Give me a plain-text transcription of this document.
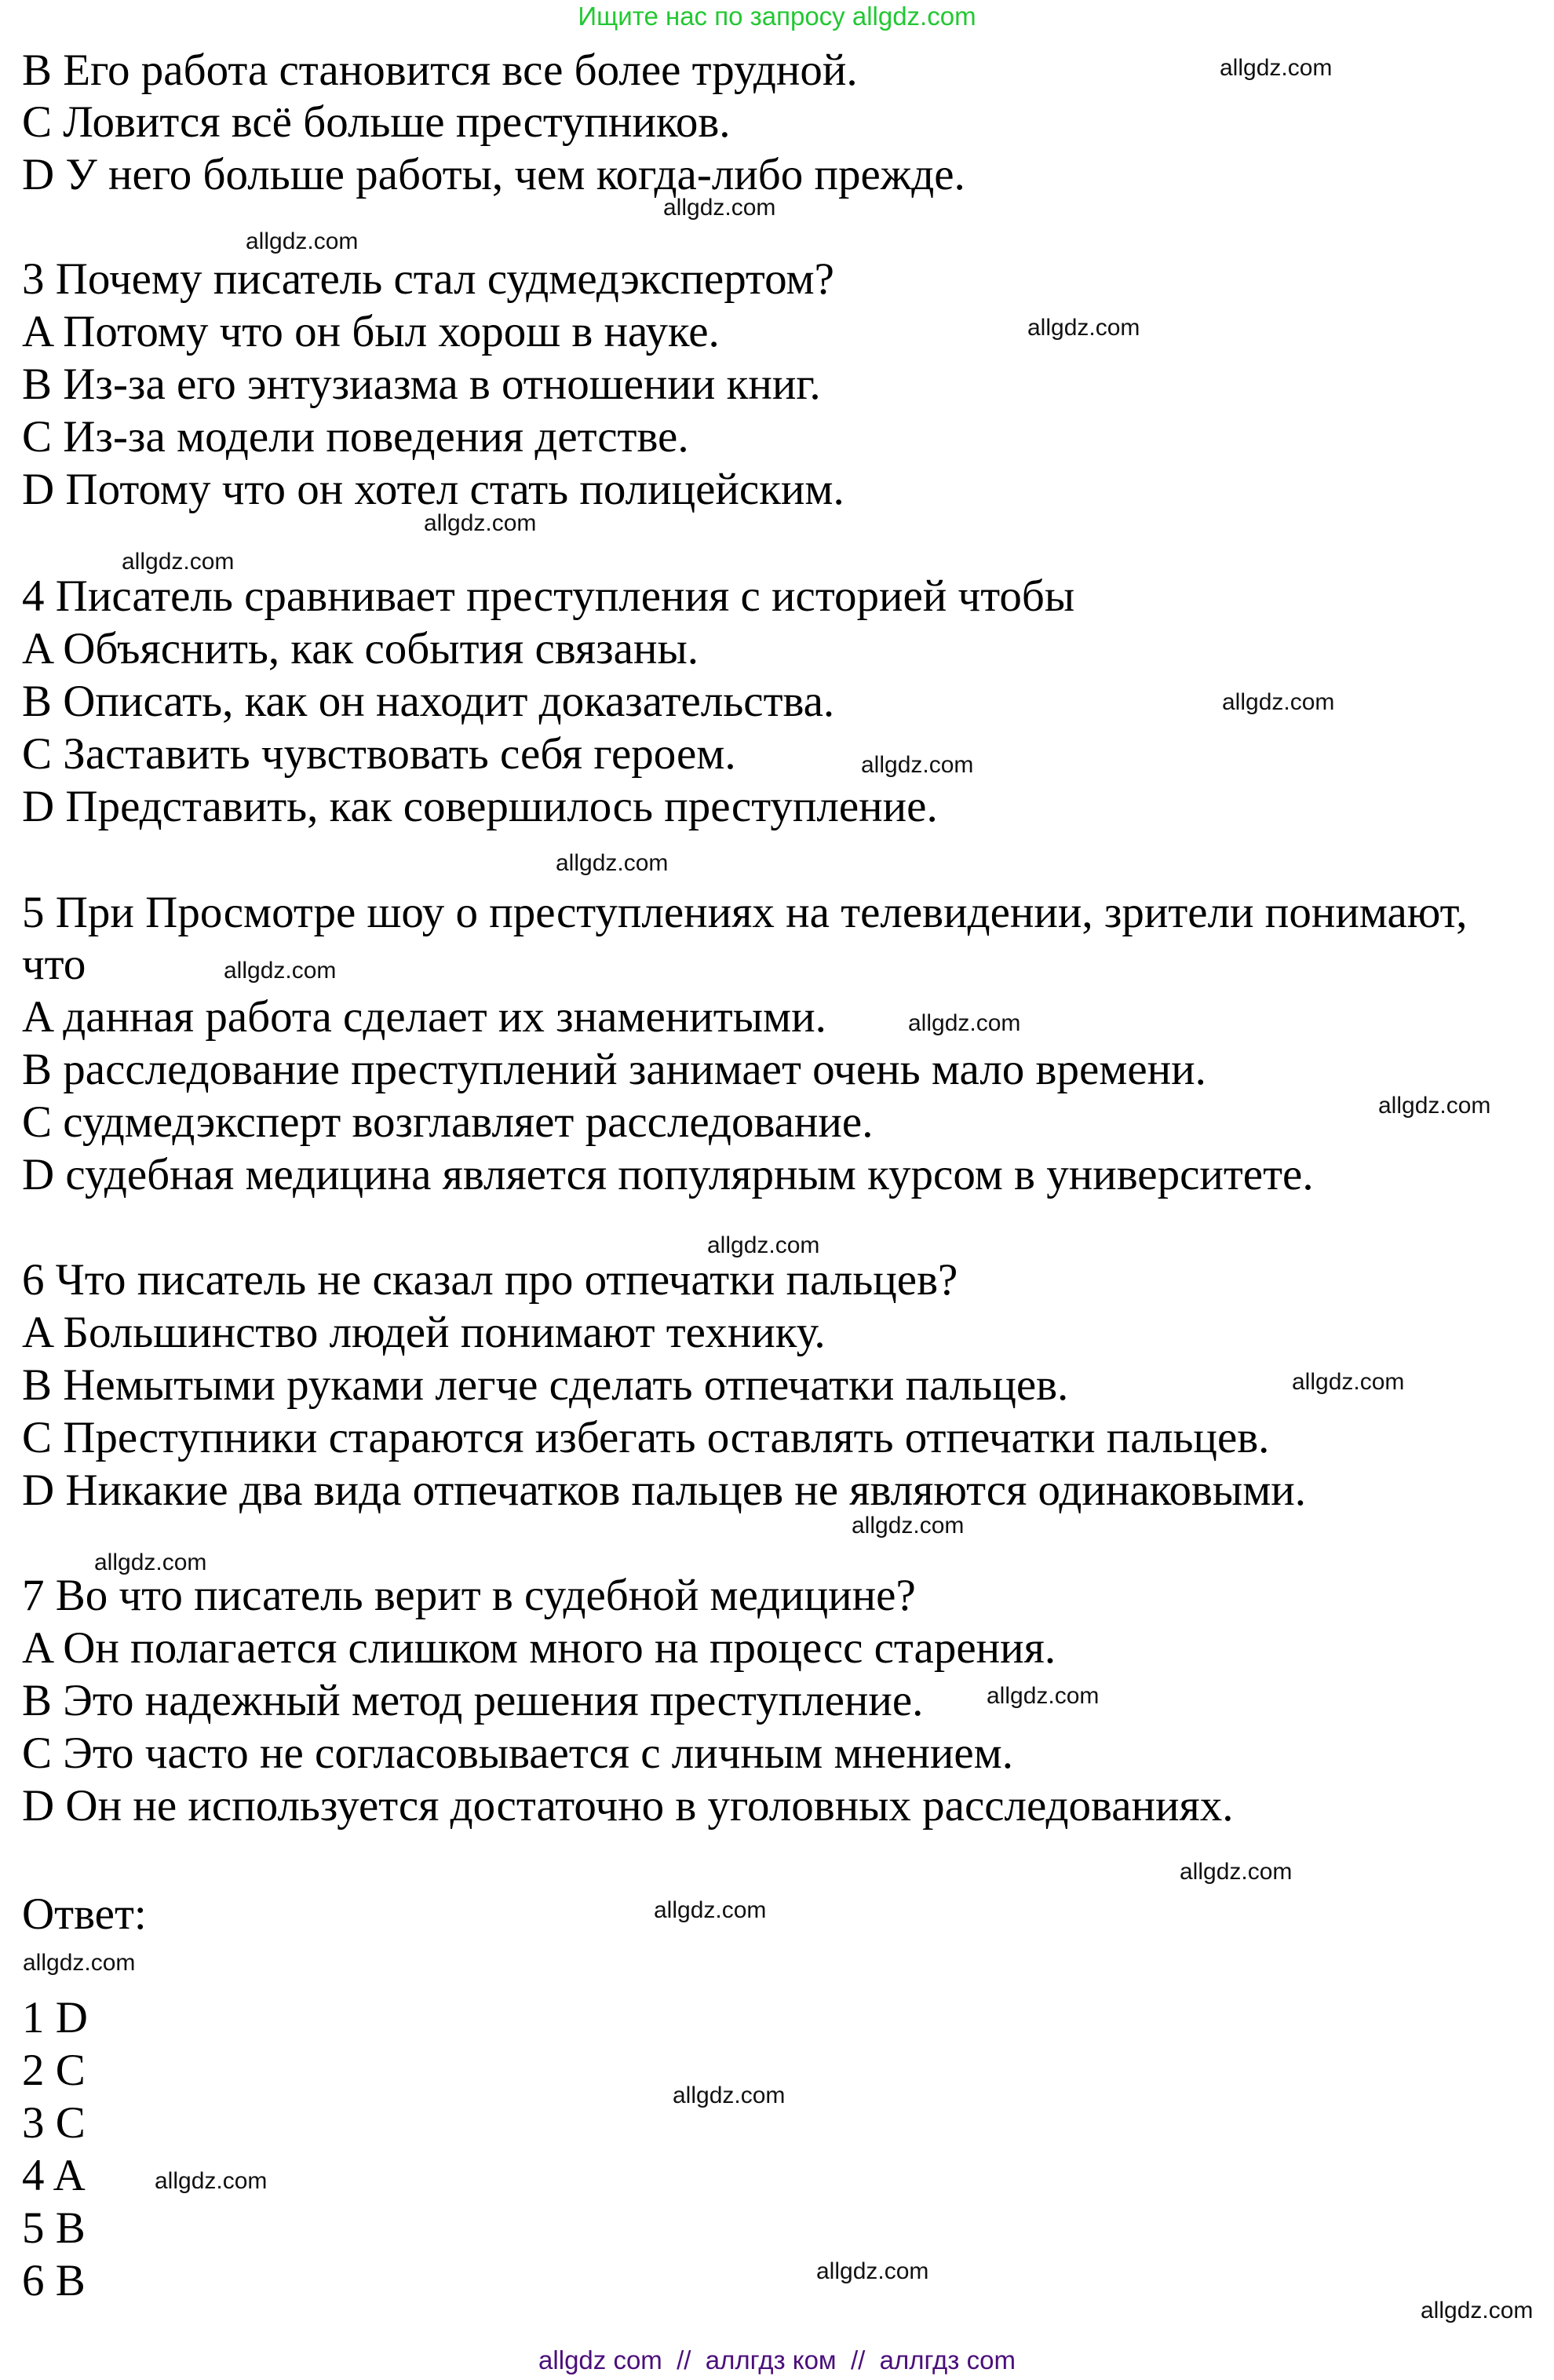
Ищите нас по запросу allgdz.com
B Его работа становится все более трудной.
C Ловится всё больше преступников.
D У него больше работы, чем когда-либо прежде.
3 Почему писатель стал судмедэкспертом?
A Потому что он был хорош в науке.
B Из-за его энтузиазма в отношении книг.
C Из-за модели поведения детстве.
D Потому что он хотел стать полицейским.
4 Писатель сравнивает преступления с историей чтобы
A Объяснить, как события связаны.
B Описать, как он находит доказательства.
C Заставить чувствовать себя героем.
D Представить, как совершилось преступление.
5 При Просмотре шоу о преступлениях на телевидении, зрители понимают,
что
A данная работа сделает их знаменитыми.
B расследование преступлений занимает очень мало времени.
C судмедэксперт возглавляет расследование.
D судебная медицина является популярным курсом в университете.
6 Что писатель не сказал про отпечатки пальцев?
A Большинство людей понимают технику.
B Немытыми руками легче сделать отпечатки пальцев.
C Преступники стараются избегать оставлять отпечатки пальцев.
D Никакие два вида отпечатков пальцев не являются одинаковыми.
7 Во что писатель верит в судебной медицине?
A Он полагается слишком много на процесс старения.
B Это надежный метод решения преступление.
C Это часто не согласовывается с личным мнением.
D Он не используется достаточно в уголовных расследованиях.
Ответ:
1 D
2 C
3 C
4 A
5 B
6 B
allgdz.com
allgdz.com
allgdz.com
allgdz.com
allgdz.com
allgdz.com
allgdz.com
allgdz.com
allgdz.com
allgdz.com
allgdz.com
allgdz.com
allgdz.com
allgdz.com
allgdz.com
allgdz.com
allgdz.com
allgdz.com
allgdz.com
allgdz.com
allgdz.com
allgdz.com
allgdz.com
allgdz.com
allgdz com  //  аллгдз ком  //  аллгдз com
